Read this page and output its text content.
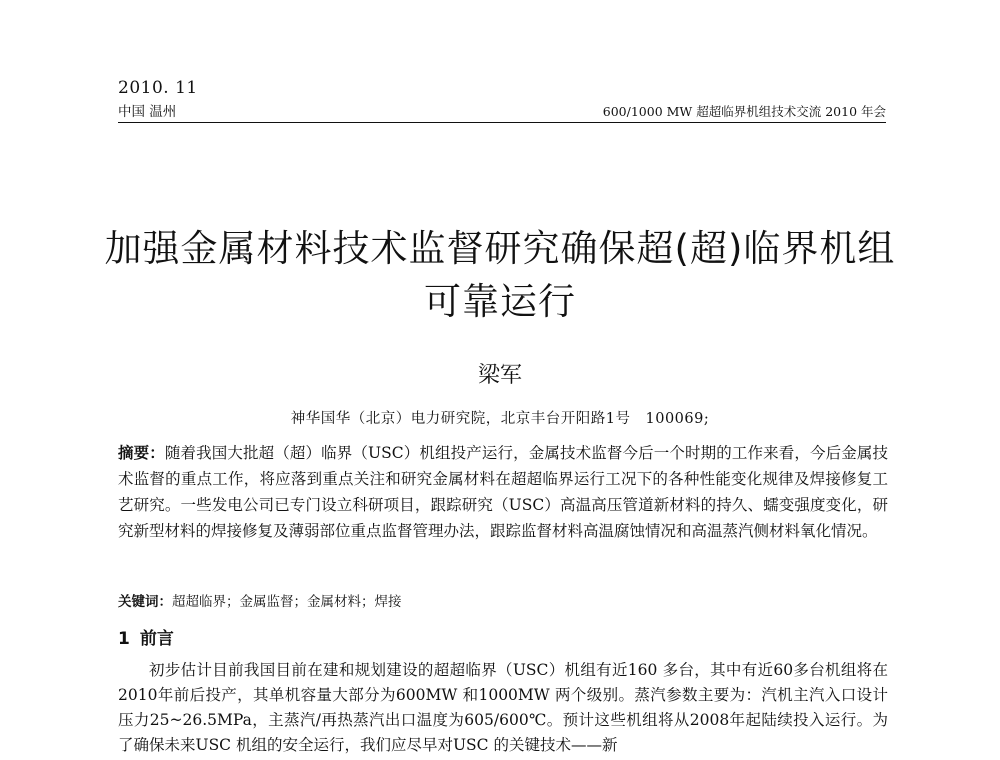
2010. 11
中国 温州	600/1000 MW 超超临界机组技术交流 2010 年会
加强金属材料技术监督研究确保超(超)临界机组可靠运行
梁军
神华国华（北京）电力研究院，北京丰台开阳路1号　100069;

摘要：随着我国大批超（超）临界（USC）机组投产运行，金属技术监督今后一个时期的工作来看，今后金属技术监督的重点工作，将应落到重点关注和研究金属材料在超超临界运行工况下的各种性能变化规律及焊接修复工艺研究。一些发电公司已专门设立科研项目，跟踪研究（USC）高温高压管道新材料的持久、蠕变强度变化，研究新型材料的焊接修复及薄弱部位重点监督管理办法，跟踪监督材料高温腐蚀情况和高温蒸汽侧材料氧化情况。

关键词：超超临界；金属监督；金属材料；焊接
1 前言

初步估计目前我国目前在建和规划建设的超超临界（USC）机组有近160 多台，其中有近60多台机组将在2010年前后投产，其单机容量大部分为600MW 和1000MW 两个级别。蒸汽参数主要为：汽机主汽入口设计压力25~26.5MPa，主蒸汽/再热蒸汽出口温度为605/600℃。预计这些机组将从2008年起陆续投入运行。为了确保未来USC 机组的安全运行，我们应尽早对USC 的关键技术——新
